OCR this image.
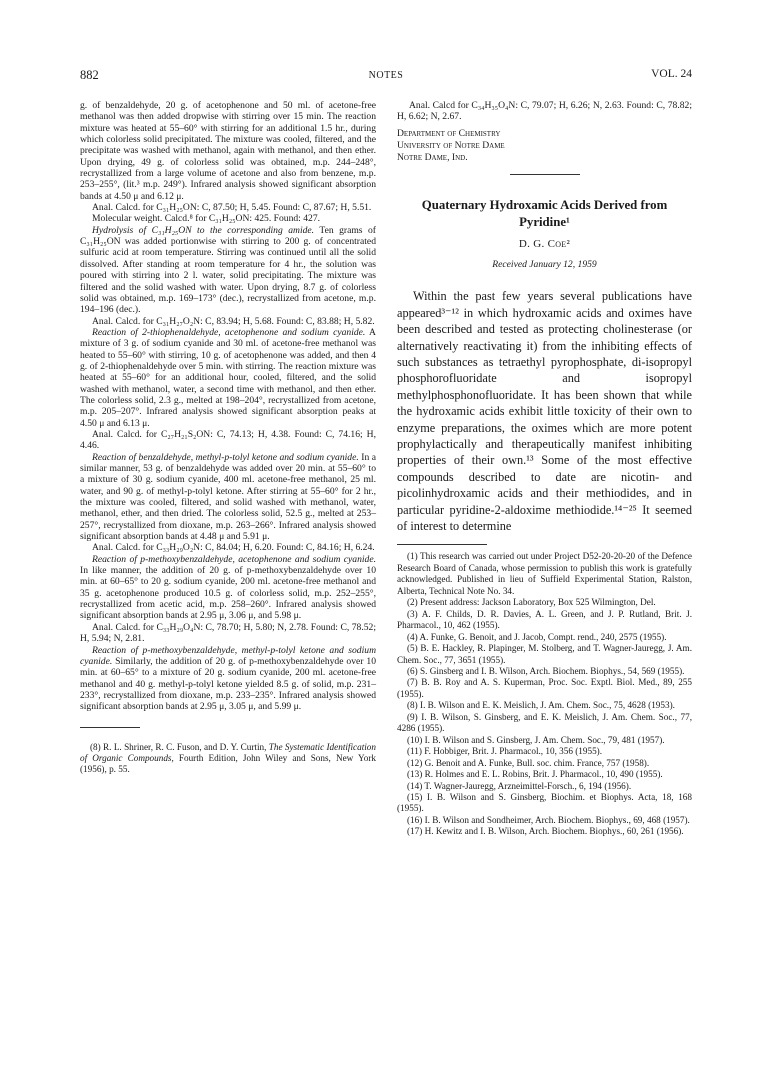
882	NOTES	VOL. 24

g. of benzaldehyde, 20 g. of acetophenone and 50 ml. of acetone-free methanol was then added dropwise with stirring over 15 min. The reaction mixture was heated at 55–60° with stirring for an additional 1.5 hr., during which colorless solid precipitated. The mixture was cooled, filtered, and the precipitate was washed with methanol, again with methanol, and then ether. Upon drying, 49 g. of colorless solid was obtained, m.p. 244–248°, recrystallized from a large volume of acetone and also from benzene, m.p. 253–255°, (lit.³ m.p. 249°). Infrared analysis showed significant absorption bands at 4.50 μ and 6.12 μ.

Anal. Calcd. for C₃₁H₂₅ON: C, 87.50; H, 5.45. Found: C, 87.67; H, 5.51.

Molecular weight. Calcd.⁸ for C₃₁H₂₅ON: 425. Found: 427.

Hydrolysis of C₃₁H₂₅ON to the corresponding amide. Ten grams of C₃₁H₂₅ON was added portionwise with stirring to 200 g. of concentrated sulfuric acid at room temperature. Stirring was continued until all the solid dissolved. After standing at room temperature for 4 hr., the solution was poured with stirring into 2 l. water, solid precipitating. The mixture was filtered and the solid washed with water. Upon drying, 8.7 g. of colorless solid was obtained, m.p. 169–173° (dec.), recrystallized from acetone, m.p. 194–196 (dec.).

Anal. Calcd. for C₃₁H₂₇O₂N: C, 83.94; H, 5.68. Found: C, 83.88; H, 5.82.

Reaction of 2-thiophenaldehyde, acetophenone and sodium cyanide. A mixture of 3 g. of sodium cyanide and 30 ml. of acetone-free methanol was heated to 55–60° with stirring, 10 g. of acetophenone was added, and then 4 g. of 2-thiophenaldehyde over 5 min. with stirring. The reaction mixture was heated at 55–60° for an additional hour, cooled, filtered, and the solid washed with methanol, water, a second time with methanol, and then ether. The colorless solid, 2.3 g., melted at 198–204°, recrystallized from acetone, m.p. 205–207°. Infrared analysis showed significant absorption peaks at 4.50 μ and 6.13 μ.

Anal. Calcd. for C₂₇H₂₁S₂ON: C, 74.13; H, 4.38. Found: C, 74.16; H, 4.46.

Reaction of benzaldehyde, methyl-p-tolyl ketone and sodium cyanide. In a similar manner, 53 g. of benzaldehyde was added over 20 min. at 55–60° to a mixture of 30 g. sodium cyanide, 400 ml. acetone-free methanol, 25 ml. water, and 90 g. of methyl-p-tolyl ketone. After stirring at 55–60° for 2 hr., the mixture was cooled, filtered, and solid washed with methanol, water, methanol, ether, and then dried. The colorless solid, 52.5 g., melted at 253–257°, recrystallized from dioxane, m.p. 263–266°. Infrared analysis showed significant absorption bands at 4.48 μ and 5.91 μ.

Anal. Calcd. for C₃₃H₂₉O₂N: C, 84.04; H, 6.20. Found: C, 84.16; H, 6.24.

Reaction of p-methoxybenzaldehyde, acetophenone and sodium cyanide. In like manner, the addition of 20 g. of p-methoxybenzaldehyde over 10 min. at 60–65° to 20 g. sodium cyanide, 200 ml. acetone-free methanol and 35 g. acetophenone produced 10.5 g. of colorless solid, m.p. 252–255°, recrystallized from acetic acid, m.p. 258–260°. Infrared analysis showed significant absorption bands at 2.95 μ, 3.06 μ, and 5.98 μ.

Anal. Calcd. for C₃₃H₂₉O₄N: C, 78.70; H, 5.80; N, 2.78. Found: C, 78.52; H, 5.94; N, 2.81.

Reaction of p-methoxybenzaldehyde, methyl-p-tolyl ketone and sodium cyanide. Similarly, the addition of 20 g. of p-methoxybenzaldehyde over 10 min. at 60–65° to a mixture of 20 g. sodium cyanide, 200 ml. acetone-free methanol and 40 g. methyl-p-tolyl ketone yielded 8.5 g. of solid, m.p. 231–233°, recrystallized from dioxane, m.p. 233–235°. Infrared analysis showed significant absorption bands at 2.95 μ, 3.05 μ, and 5.99 μ.

(8) R. L. Shriner, R. C. Fuson, and D. Y. Curtin, The Systematic Identification of Organic Compounds, Fourth Edition, John Wiley and Sons, New York (1956), p. 55.

Anal. Calcd for C₃₄H₃₅O₄N: C, 79.07; H, 6.26; N, 2.63. Found: C, 78.82; H, 6.62; N, 2.67.

Department of Chemistry
University of Notre Dame
Notre Dame, Ind.
Quaternary Hydroxamic Acids Derived from Pyridine¹
D. G. Coe²
Received January 12, 1959

Within the past few years several publications have appeared³⁻¹² in which hydroxamic acids and oximes have been described and tested as protecting cholinesterase (or alternatively reactivating it) from the inhibiting effects of such substances as tetraethyl pyrophosphate, di-isopropyl phosphorofluoridate and isopropyl methylphosphonofluoridate. It has been shown that while the hydroxamic acids exhibit little toxicity of their own to enzyme preparations, the oximes which are more potent prophylactically and therapeutically manifest inhibiting properties of their own.¹³ Some of the most effective compounds described to date are nicotin- and picolinhydroxamic acids and their methiodides, and in particular pyridine-2-aldoxime methiodide.¹⁴⁻²⁵ It seemed of interest to determine

(1) This research was carried out under Project D52-20-20-20 of the Defence Research Board of Canada, whose permission to publish this work is gratefully acknowledged. Published in lieu of Suffield Experimental Station, Ralston, Alberta, Technical Note No. 34.

(2) Present address: Jackson Laboratory, Box 525 Wilmington, Del.

(3) A. F. Childs, D. R. Davies, A. L. Green, and J. P. Rutland, Brit. J. Pharmacol., 10, 462 (1955).

(4) A. Funke, G. Benoit, and J. Jacob, Compt. rend., 240, 2575 (1955).

(5) B. E. Hackley, R. Plapinger, M. Stolberg, and T. Wagner-Jauregg, J. Am. Chem. Soc., 77, 3651 (1955).

(6) S. Ginsberg and I. B. Wilson, Arch. Biochem. Biophys., 54, 569 (1955).

(7) B. B. Roy and A. S. Kuperman, Proc. Soc. Exptl. Biol. Med., 89, 255 (1955).

(8) I. B. Wilson and E. K. Meislich, J. Am. Chem. Soc., 75, 4628 (1953).

(9) I. B. Wilson, S. Ginsberg, and E. K. Meislich, J. Am. Chem. Soc., 77, 4286 (1955).

(10) I. B. Wilson and S. Ginsberg, J. Am. Chem. Soc., 79, 481 (1957).

(11) F. Hobbiger, Brit. J. Pharmacol., 10, 356 (1955).

(12) G. Benoit and A. Funke, Bull. soc. chim. France, 757 (1958).

(13) R. Holmes and E. L. Robins, Brit. J. Pharmacol., 10, 490 (1955).

(14) T. Wagner-Jauregg, Arzneimittel-Forsch., 6, 194 (1956).

(15) I. B. Wilson and S. Ginsberg, Biochim. et Biophys. Acta, 18, 168 (1955).

(16) I. B. Wilson and Sondheimer, Arch. Biochem. Biophys., 69, 468 (1957).

(17) H. Kewitz and I. B. Wilson, Arch. Biochem. Biophys., 60, 261 (1956).
